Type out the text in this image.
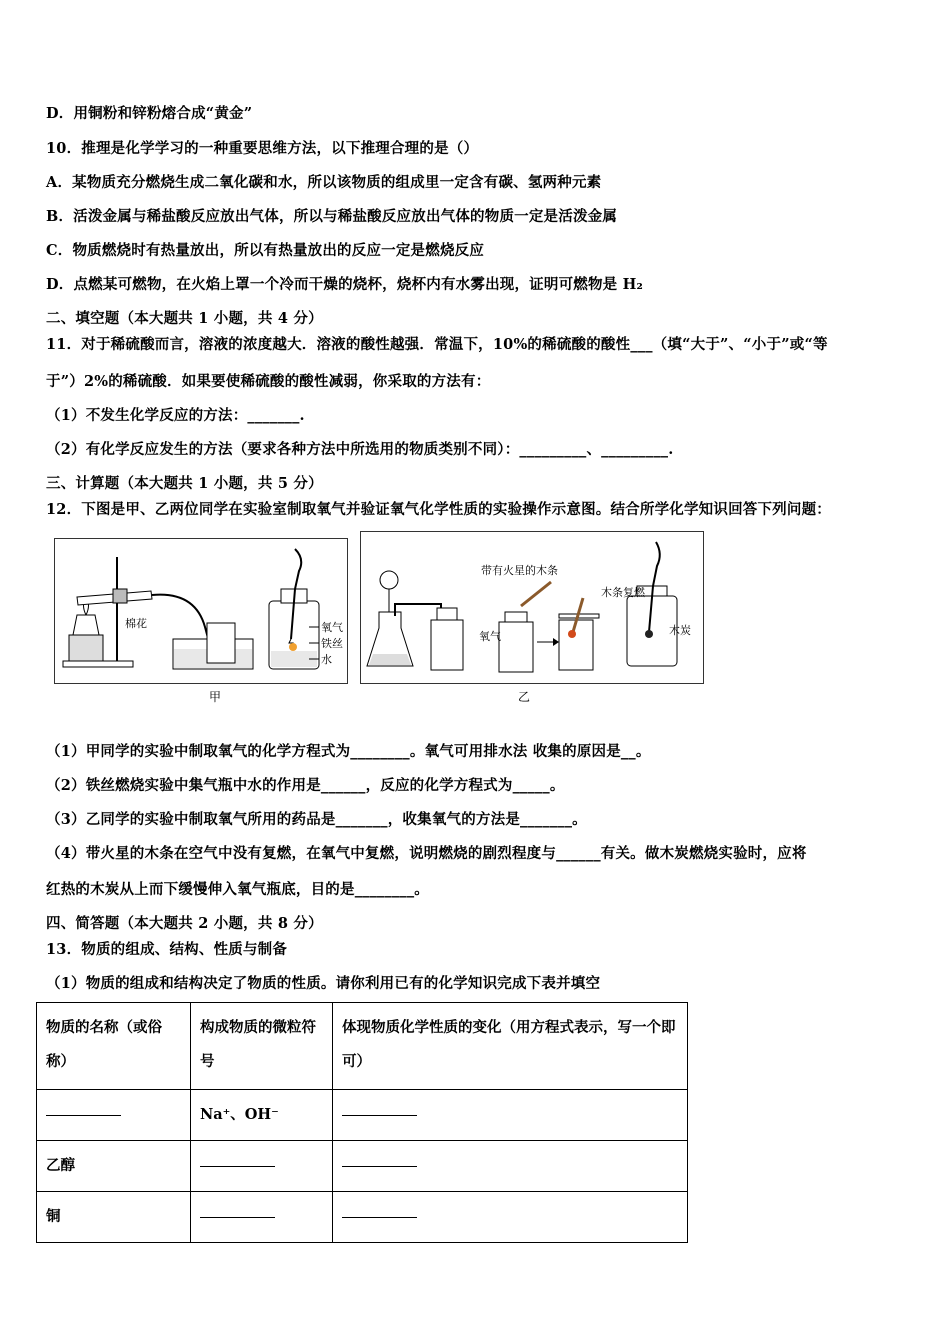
D．用铜粉和锌粉熔合成“黄金”
10．推理是化学学习的一种重要思维方法，以下推理合理的是（）
A．某物质充分燃烧生成二氧化碳和水，所以该物质的组成里一定含有碳、氢两种元素
B．活泼金属与稀盐酸反应放出气体，所以与稀盐酸反应放出气体的物质一定是活泼金属
C．物质燃烧时有热量放出，所以有热量放出的反应一定是燃烧反应
D．点燃某可燃物，在火焰上罩一个冷而干燥的烧杯，烧杯内有水雾出现，证明可燃物是 H₂
二、填空题（本大题共 1 小题，共 4 分）
11．对于稀硫酸而言，溶液的浓度越大．溶液的酸性越强．常温下，10%的稀硫酸的酸性___（填“大于”、“小于”或“等
于”）2%的稀硫酸．如果要使稀硫酸的酸性减弱，你采取的方法有：
（1）不发生化学反应的方法：_______.
（2）有化学反应发生的方法（要求各种方法中所选用的物质类别不同）：_________、_________.
三、计算题（本大题共 1 小题，共 5 分）
12．下图是甲、乙两位同学在实验室制取氧气并验证氧气化学性质的实验操作示意图。结合所学化学知识回答下列问题：
棉花	氧气
铁丝
水
甲
带有火星的木条
氧气
木条复燃
木炭
乙
（1）甲同学的实验中制取氧气的化学方程式为________。氧气可用排水法 收集的原因是__。
（2）铁丝燃烧实验中集气瓶中水的作用是______，反应的化学方程式为_____。
（3）乙同学的实验中制取氧气所用的药品是_______，收集氧气的方法是_______。
（4）带火星的木条在空气中没有复燃，在氧气中复燃，说明燃烧的剧烈程度与______有关。做木炭燃烧实验时，应将
红热的木炭从上而下缓慢伸入氧气瓶底，目的是________。
四、简答题（本大题共 2 小题，共 8 分）
13．物质的组成、结构、性质与制备
（1）物质的组成和结构决定了物质的性质。请你利用已有的化学知识完成下表并填空
物质的名称（或俗称）	构成物质的微粒符号	体现物质化学性质的变化（用方程式表示，写一个即可）
	Na⁺、OH⁻	
乙醇		
铜		
